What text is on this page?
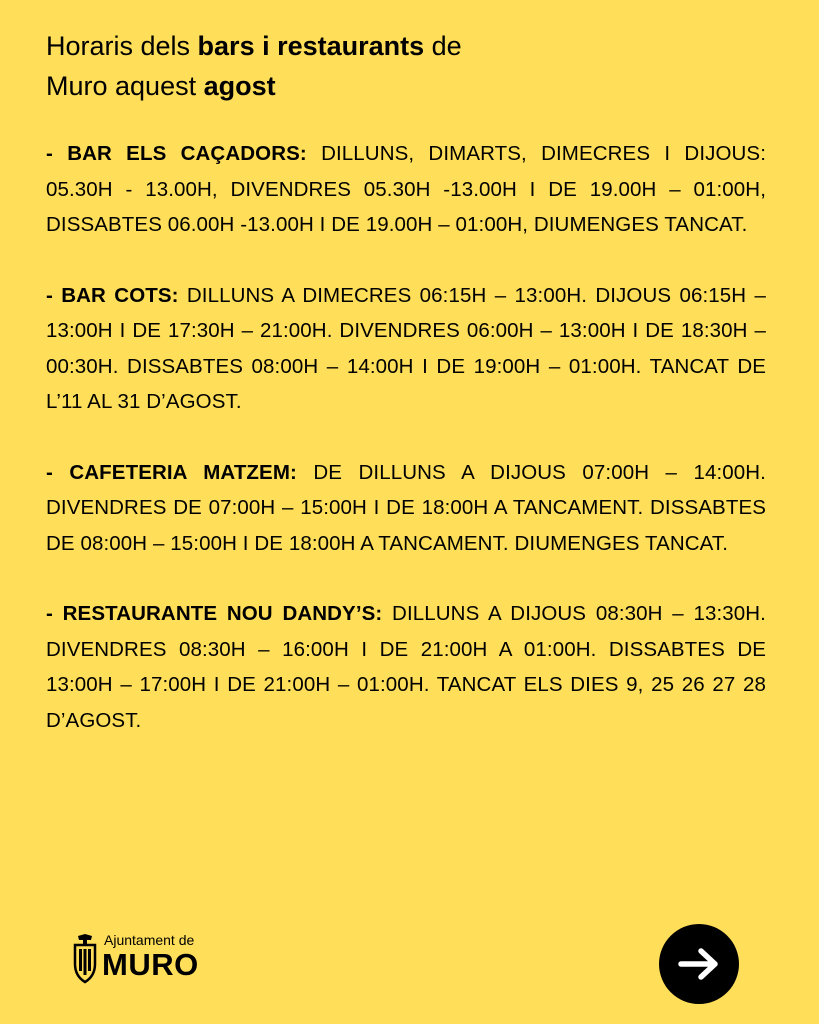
Horaris dels bars i restaurants de
Muro aquest agost

- BAR ELS CAÇADORS: DILLUNS, DIMARTS, DIMECRES I DIJOUS: 05.30H - 13.00H, DIVENDRES 05.30H -13.00H I DE 19.00H – 01:00H, DISSABTES 06.00H -13.00H I DE 19.00H – 01:00H, DIUMENGES TANCAT.

- BAR COTS: DILLUNS A DIMECRES 06:15H – 13:00H. DIJOUS 06:15H – 13:00H I DE 17:30H – 21:00H. DIVENDRES 06:00H – 13:00H I DE 18:30H – 00:30H. DISSABTES 08:00H – 14:00H I DE 19:00H – 01:00H. TANCAT DE L’11 AL 31 D’AGOST.

- CAFETERIA MATZEM: DE DILLUNS A DIJOUS 07:00H – 14:00H. DIVENDRES DE 07:00H – 15:00H I DE 18:00H A TANCAMENT. DISSABTES DE 08:00H – 15:00H I DE 18:00H A TANCAMENT. DIUMENGES TANCAT.

- RESTAURANTE NOU DANDY’S: DILLUNS A DIJOUS 08:30H – 13:30H. DIVENDRES 08:30H – 16:00H I DE 21:00H A 01:00H. DISSABTES DE 13:00H – 17:00H I DE 21:00H – 01:00H. TANCAT ELS DIES 9, 25 26 27 28 D’AGOST.

Ajuntament de
MURO
